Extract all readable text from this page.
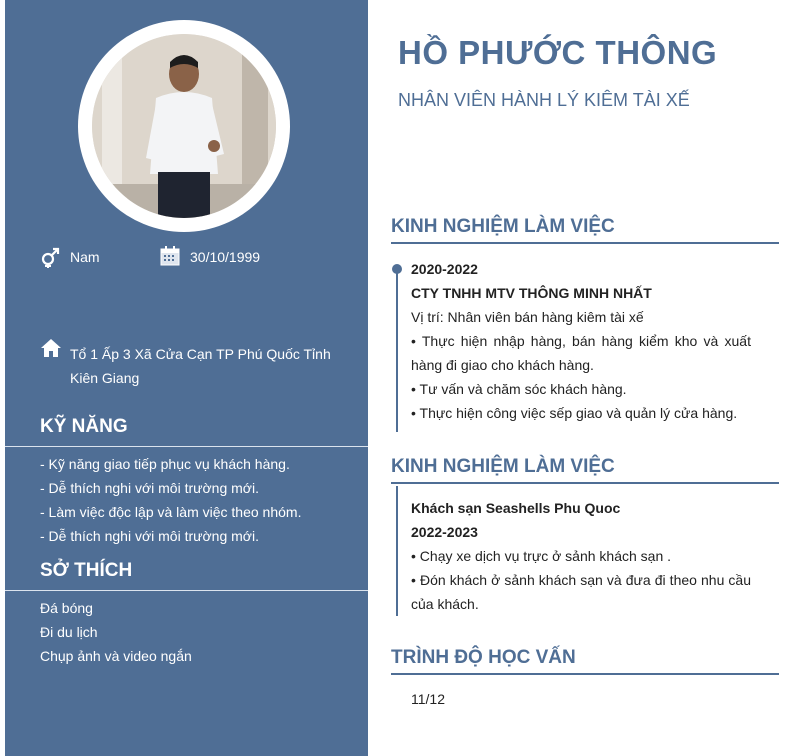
Nam	30/10/1999
Tổ 1 Ấp 3 Xã Cửa Cạn TP Phú Quốc Tỉnh Kiên Giang
KỸ NĂNG
- Kỹ năng giao tiếp phục vụ khách hàng.
- Dễ thích nghi với môi trường mới.
- Làm việc độc lập và làm việc theo nhóm.
- Dễ thích nghi với môi trường mới.
SỞ THÍCH
Đá bóng
Đi du lịch
Chụp ảnh và video ngắn
HỒ PHƯỚC THÔNG
NHÂN VIÊN HÀNH LÝ KIÊM TÀI XẾ
KINH NGHIỆM LÀM VIỆC
2020-2022
CTY TNHH MTV THÔNG MINH NHẤT
Vị trí: Nhân viên bán hàng kiêm tài xế
• Thực hiện nhập hàng, bán hàng kiểm kho và xuất hàng đi giao cho khách hàng.
• Tư vấn và chăm sóc khách hàng.
• Thực hiện công việc sếp giao và quản lý cửa hàng.
KINH NGHIỆM LÀM VIỆC
Khách sạn Seashells Phu Quoc
2022-2023
• Chạy xe dịch vụ trực ở sảnh khách sạn .
• Đón khách ở sảnh khách sạn và đưa đi theo nhu cầu của khách.
TRÌNH ĐỘ HỌC VẤN
11/12
